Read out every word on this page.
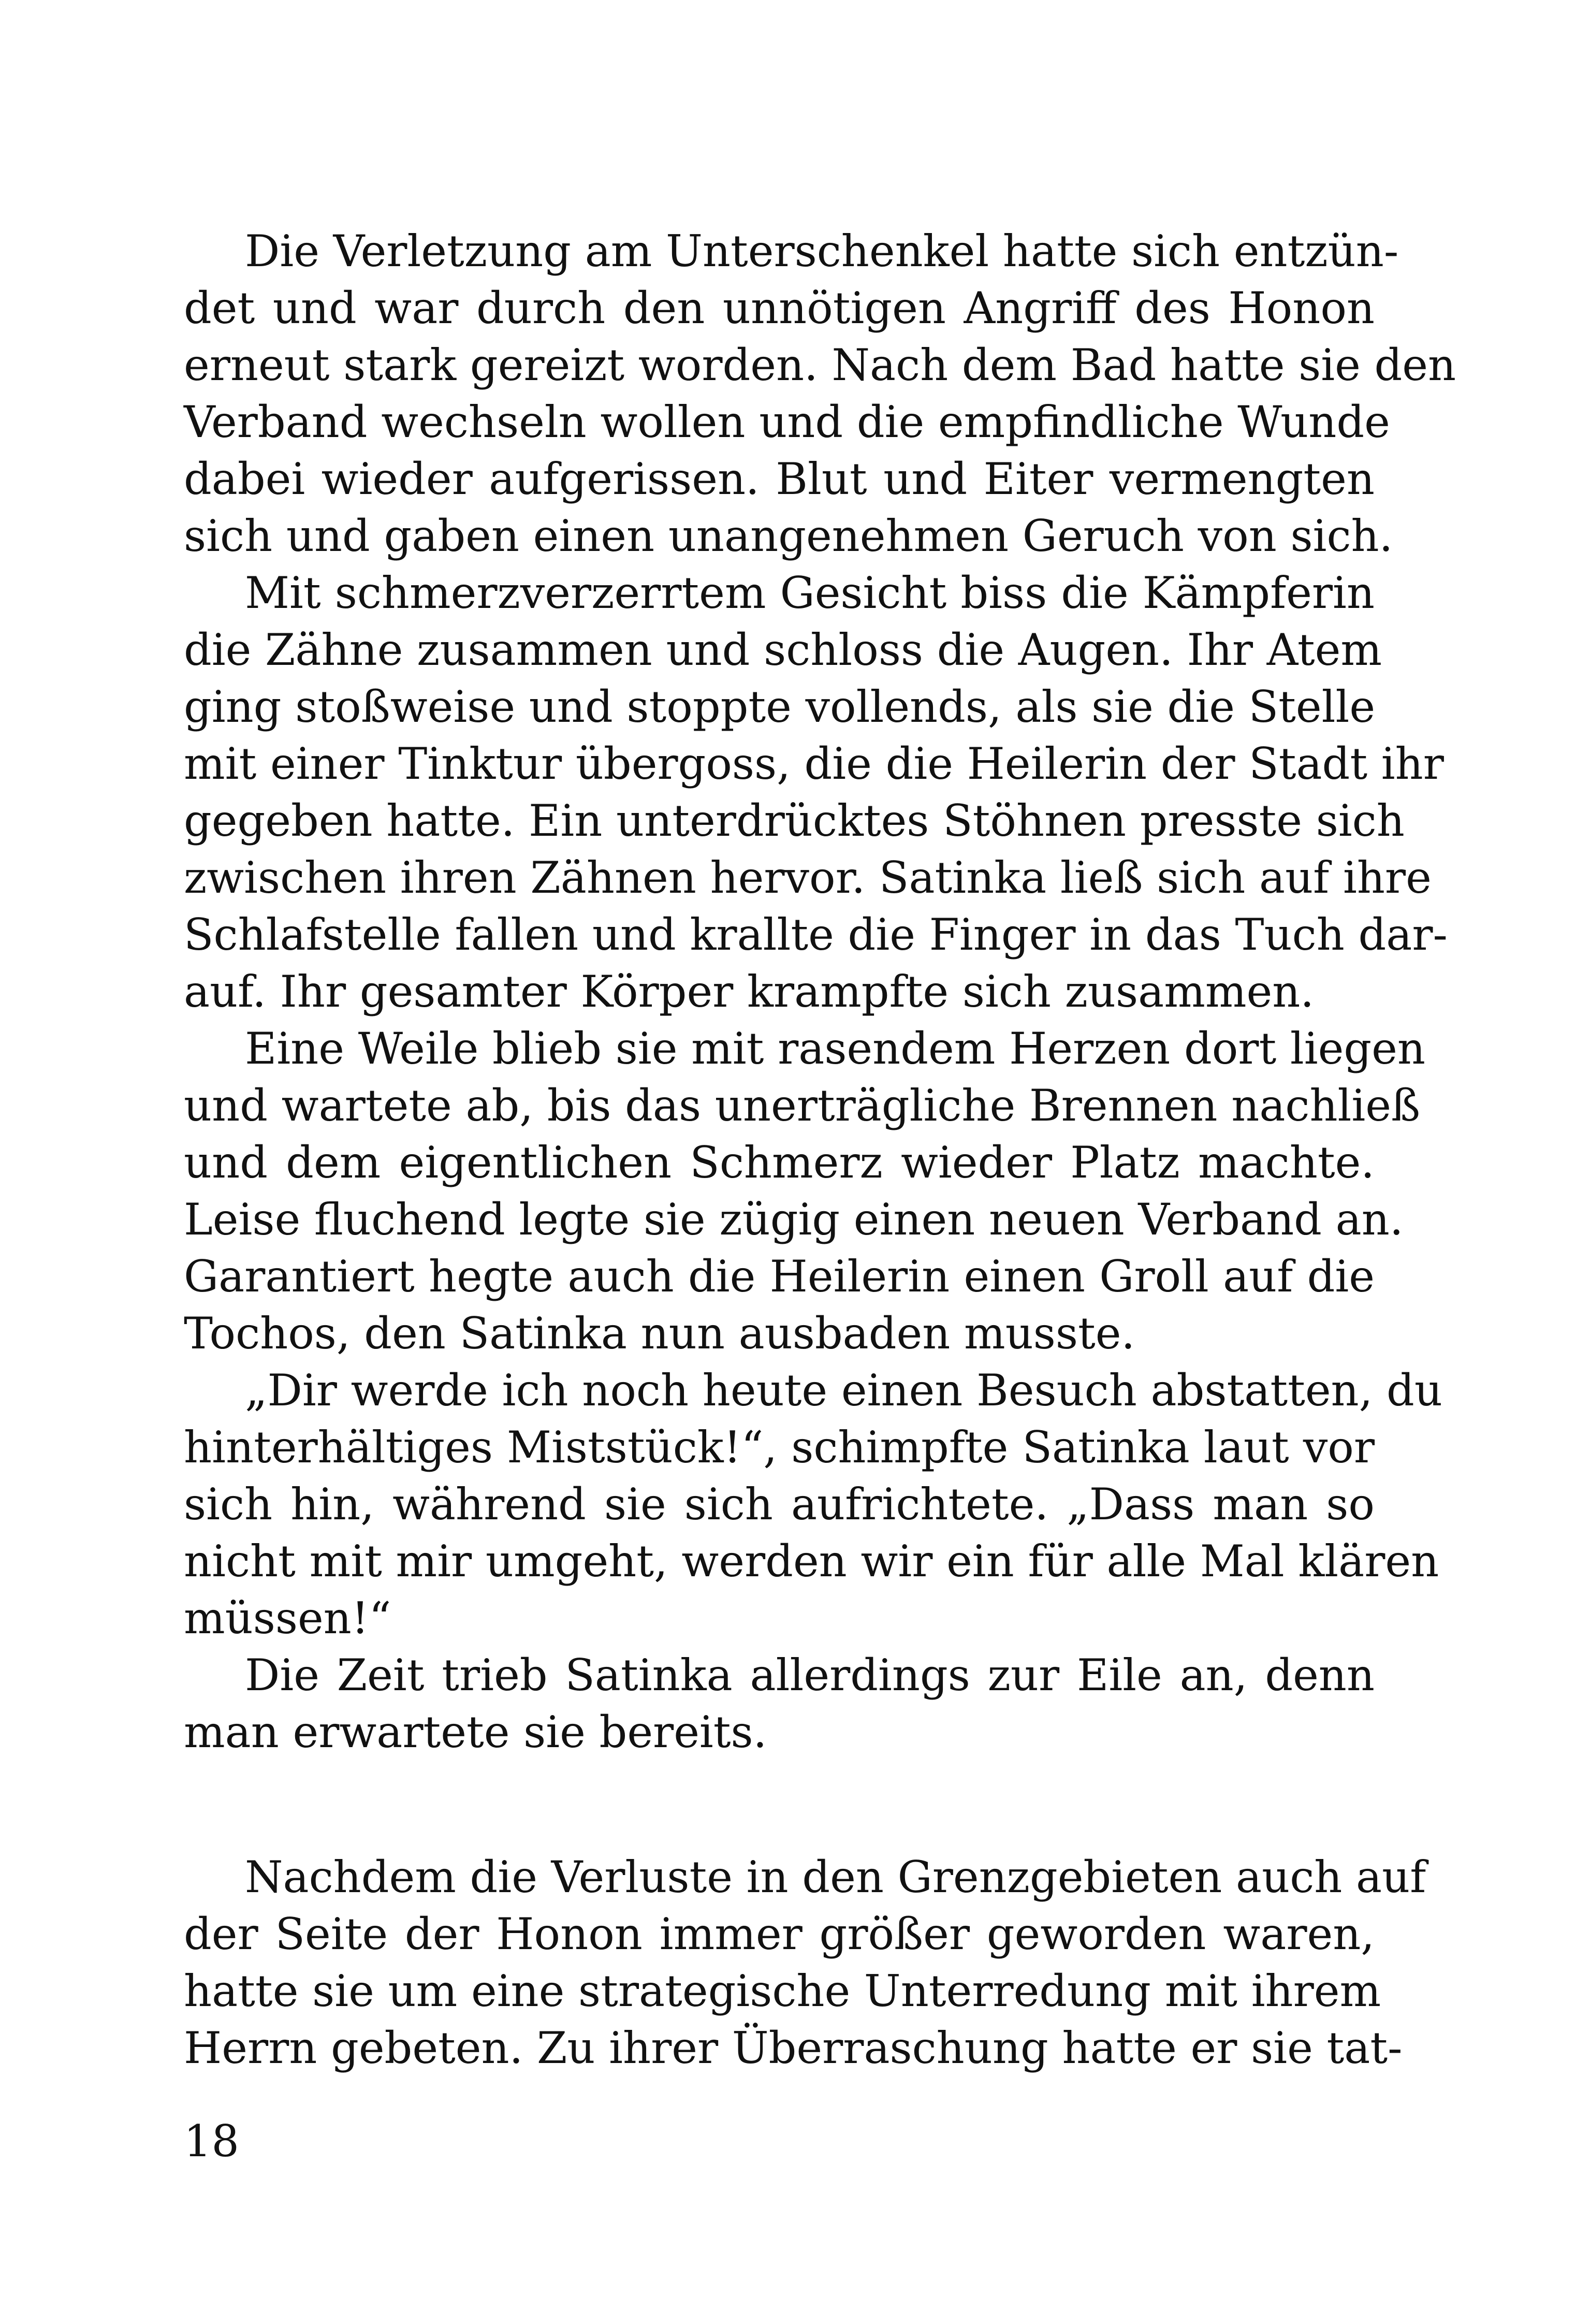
Die Verletzung am Unterschenkel hatte sich entzün-
det und war durch den unnötigen Angriff des Honon
erneut stark gereizt worden. Nach dem Bad hatte sie den
Verband wechseln wollen und die empfindliche Wunde
dabei wieder aufgerissen. Blut und Eiter vermengten
sich und gaben einen unangenehmen Geruch von sich.
Mit schmerzverzerrtem Gesicht biss die Kämpferin
die Zähne zusammen und schloss die Augen. Ihr Atem
ging stoßweise und stoppte vollends, als sie die Stelle
mit einer Tinktur übergoss, die die Heilerin der Stadt ihr
gegeben hatte. Ein unterdrücktes Stöhnen presste sich
zwischen ihren Zähnen hervor. Satinka ließ sich auf ihre
Schlafstelle fallen und krallte die Finger in das Tuch dar-
auf. Ihr gesamter Körper krampfte sich zusammen.
Eine Weile blieb sie mit rasendem Herzen dort liegen
und wartete ab, bis das unerträgliche Brennen nachließ
und dem eigentlichen Schmerz wieder Platz machte.
Leise fluchend legte sie zügig einen neuen Verband an.
Garantiert hegte auch die Heilerin einen Groll auf die
Tochos, den Satinka nun ausbaden musste.
„Dir werde ich noch heute einen Besuch abstatten, du
hinterhältiges Miststück!“, schimpfte Satinka laut vor
sich hin, während sie sich aufrichtete. „Dass man so
nicht mit mir umgeht, werden wir ein für alle Mal klären
müssen!“
Die Zeit trieb Satinka allerdings zur Eile an, denn
man erwartete sie bereits.
Nachdem die Verluste in den Grenzgebieten auch auf
der Seite der Honon immer größer geworden waren,
hatte sie um eine strategische Unterredung mit ihrem
Herrn gebeten. Zu ihrer Überraschung hatte er sie tat-
18
